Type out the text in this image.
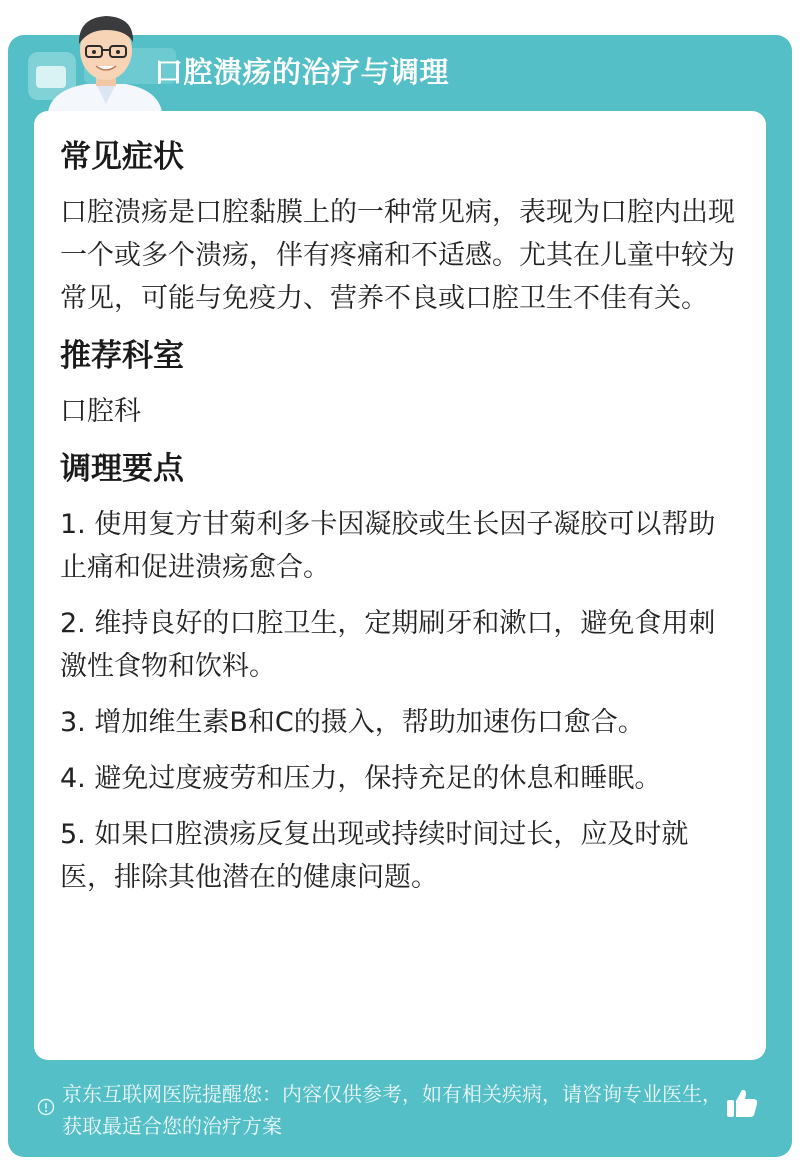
口腔溃疡的治疗与调理
常见症状
口腔溃疡是口腔黏膜上的一种常见病，表现为口腔内出现一个或多个溃疡，伴有疼痛和不适感。尤其在儿童中较为常见，可能与免疫力、营养不良或口腔卫生不佳有关。
推荐科室
口腔科
调理要点
1. 使用复方甘菊利多卡因凝胶或生长因子凝胶可以帮助止痛和促进溃疡愈合。
2. 维持良好的口腔卫生，定期刷牙和漱口，避免食用刺激性食物和饮料。
3. 增加维生素B和C的摄入，帮助加速伤口愈合。
4. 避免过度疲劳和压力，保持充足的休息和睡眠。
5. 如果口腔溃疡反复出现或持续时间过长，应及时就医，排除其他潜在的健康问题。
京东互联网医院提醒您：内容仅供参考，如有相关疾病，请咨询专业医生，获取最适合您的治疗方案
